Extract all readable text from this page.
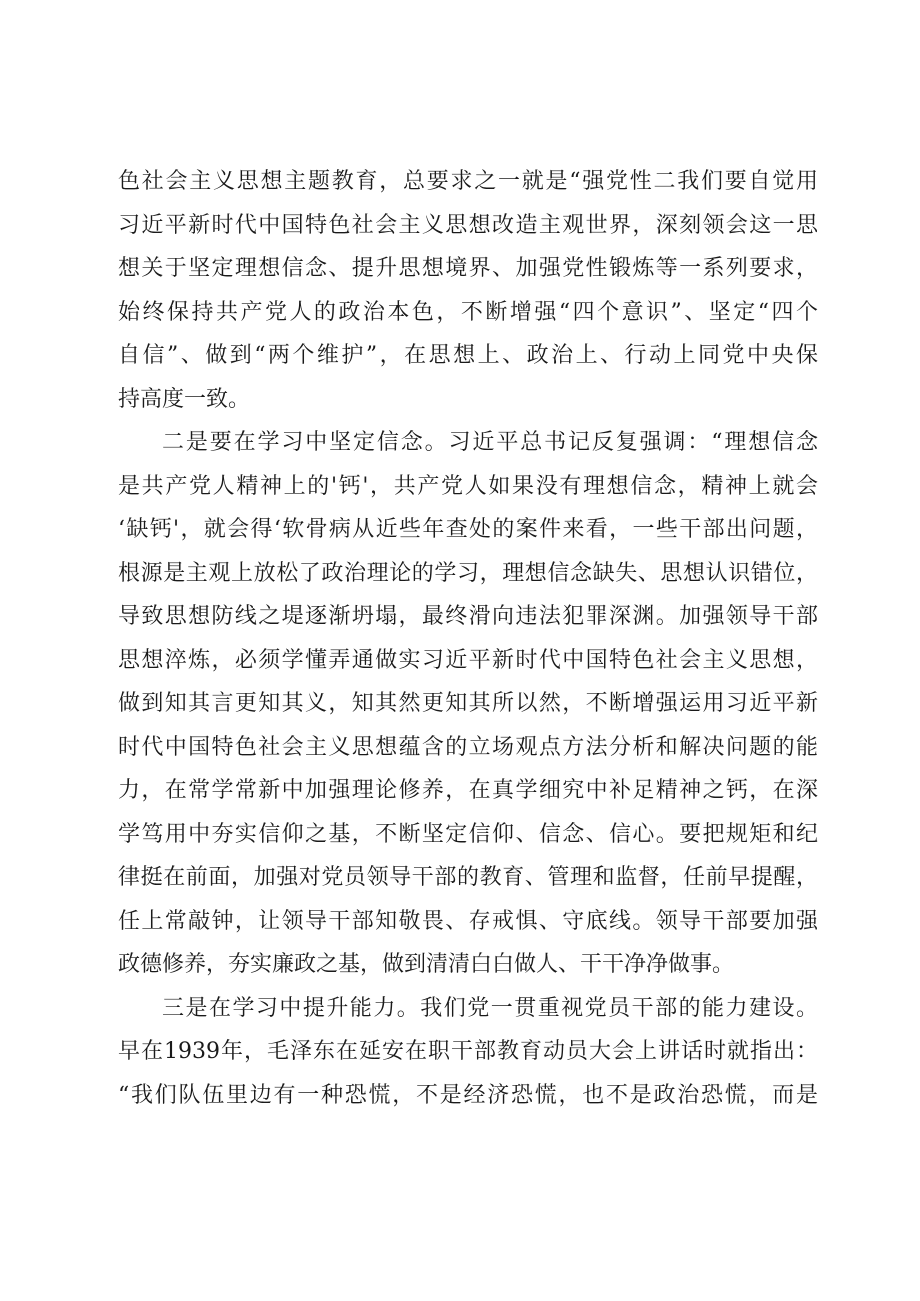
色社会主义思想主题教育，总要求之一就是“强党性二我们要自觉用
习近平新时代中国特色社会主义思想改造主观世界，深刻领会这一思
想关于坚定理想信念、提升思想境界、加强党性锻炼等一系列要求，
始终保持共产党人的政治本色，不断增强“四个意识”、坚定“四个
自信”、做到“两个维护”，在思想上、政治上、行动上同党中央保
持高度一致。
二是要在学习中坚定信念。习近平总书记反复强调：“理想信念
是共产党人精神上的'钙'，共产党人如果没有理想信念，精神上就会
‘缺钙'，就会得‘软骨病从近些年查处的案件来看，一些干部出问题，
根源是主观上放松了政治理论的学习，理想信念缺失、思想认识错位，
导致思想防线之堤逐渐坍塌，最终滑向违法犯罪深渊。加强领导干部
思想淬炼，必须学懂弄通做实习近平新时代中国特色社会主义思想，
做到知其言更知其义，知其然更知其所以然，不断增强运用习近平新
时代中国特色社会主义思想蕴含的立场观点方法分析和解决问题的能
力，在常学常新中加强理论修养，在真学细究中补足精神之钙，在深
学笃用中夯实信仰之基，不断坚定信仰、信念、信心。要把规矩和纪
律挺在前面，加强对党员领导干部的教育、管理和监督，任前早提醒，
任上常敲钟，让领导干部知敬畏、存戒惧、守底线。领导干部要加强
政德修养，夯实廉政之基，做到清清白白做人、干干净净做事。
三是在学习中提升能力。我们党一贯重视党员干部的能力建设。
早在1939年，毛泽东在延安在职干部教育动员大会上讲话时就指出：
“我们队伍里边有一种恐慌，不是经济恐慌，也不是政治恐慌，而是
